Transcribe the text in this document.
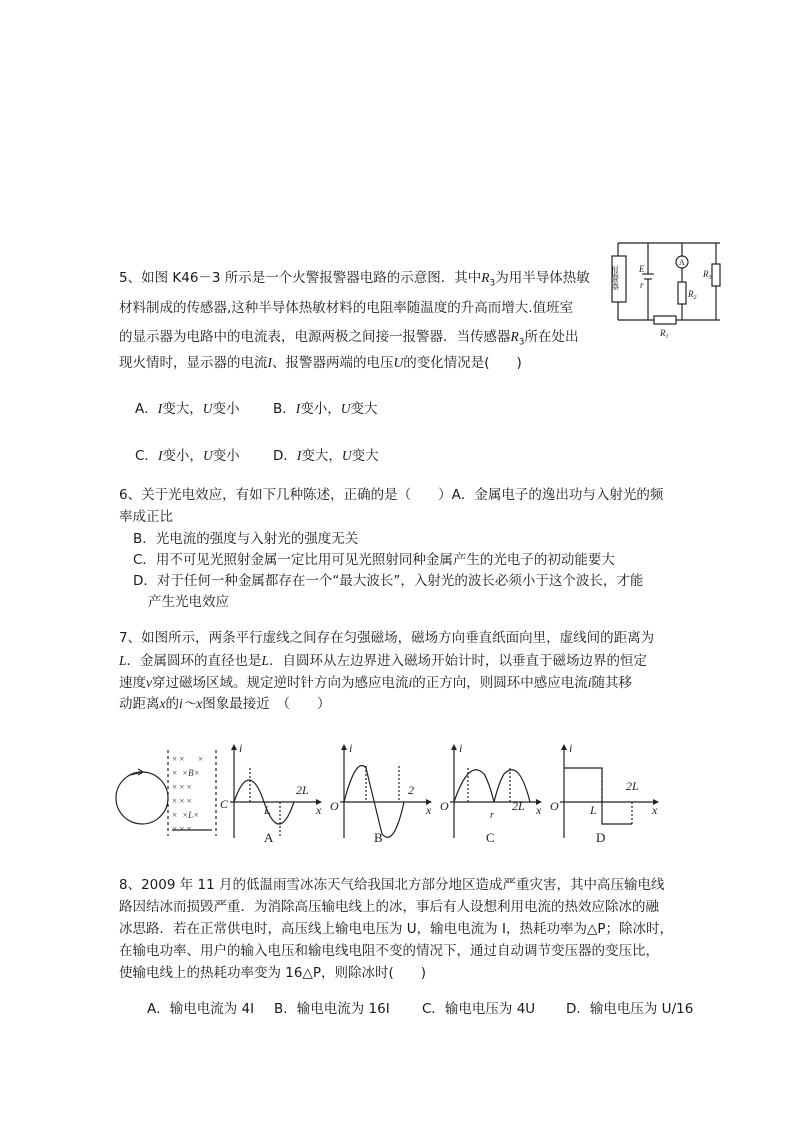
5、如图 K46－3 所示是一个火警报警器电路的示意图．其中$R_3$为用半导体热敏
材料制成的传感器,这种半导体热敏材料的电阻率随温度的升高而增大.值班室
的显示器为电路中的电流表，电源两极之间接一报警器．当传感器$R_3$所在处出
现火情时，显示器的电流I、报警器两端的电压U的变化情况是(　　)
A．I变大，U变小 B．I变小，U变大
C．I变小，U变小 D．I变大，U变大
报警器 E
r
A
$R_2$
$R_3$
$R_1$
6、关于光电效应，有如下几种陈述，正确的是（　　）A．金属电子的逸出功与入射光的频
率成正比
B．光电流的强度与入射光的强度无关
C．用不可见光照射金属一定比用可见光照射同种金属产生的光电子的初动能要大
D．对于任何一种金属都存在一个“最大波长”，入射光的波长必须小于这个波长，才能
产生光电效应
7、如图所示，两条平行虚线之间存在匀强磁场，磁场方向垂直纸面向里，虚线间的距离为
L．金属圆环的直径也是L．自圆环从左边界进入磁场开始计时，以垂直于磁场边界的恒定
速度v穿过磁场区域。规定逆时针方向为感应电流i的正方向，则圆环中感应电流i随其移
动距离x的i～x图象最接近　（　　）
× × ×
× ×B×
× × ×
× × ×
× ×L×
× × ×
i
C	L
2L
x
i
O
2
x
i
O
r
2L x
i
O	L
2L
x
A	B	C	D
8、2009 年 11 月的低温雨雪冰冻天气给我国北方部分地区造成严重灾害，其中高压输电线
路因结冰而损毁严重．为消除高压输电线上的冰，事后有人设想利用电流的热效应除冰的融
冰思路．若在正常供电时，高压线上输电电压为 U，输电电流为 I，热耗功率为△P；除冰时，
在输电功率、用户的输入电压和输电线电阻不变的情况下，通过自动调节变压器的变压比，
使输电线上的热耗功率变为 16△P，则除冰时(　　)
A．输电电流为 4I B．输电电流为 16I C．输电电压为 4U D．输电电压为 U/16
